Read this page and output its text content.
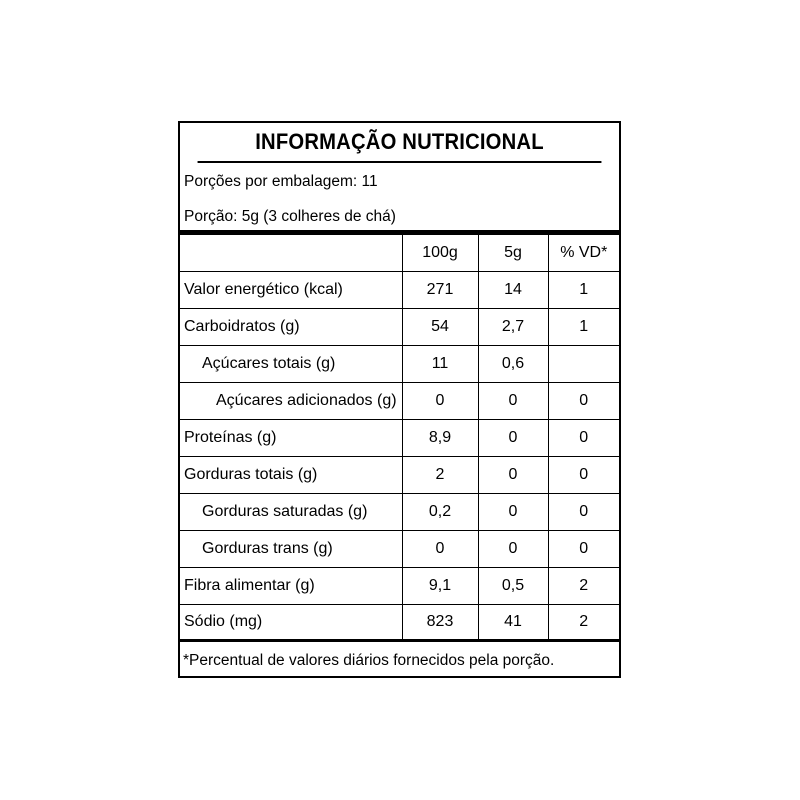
INFORMAÇÃO NUTRICIONAL
Porções por embalagem: 11
Porção: 5g (3 colheres de chá)
	100g	5g	% VD*
Valor energético (kcal)	271	14	1
Carboidratos (g)	54	2,7	1
Açúcares totais (g)	11	0,6	
Açúcares adicionados (g)	0	0	0
Proteínas (g)	8,9	0	0
Gorduras totais (g)	2	0	0
Gorduras saturadas (g)	0,2	0	0
Gorduras trans (g)	0	0	0
Fibra alimentar (g)	9,1	0,5	2
Sódio (mg)	823	41	2
*Percentual de valores diários fornecidos pela porção.
